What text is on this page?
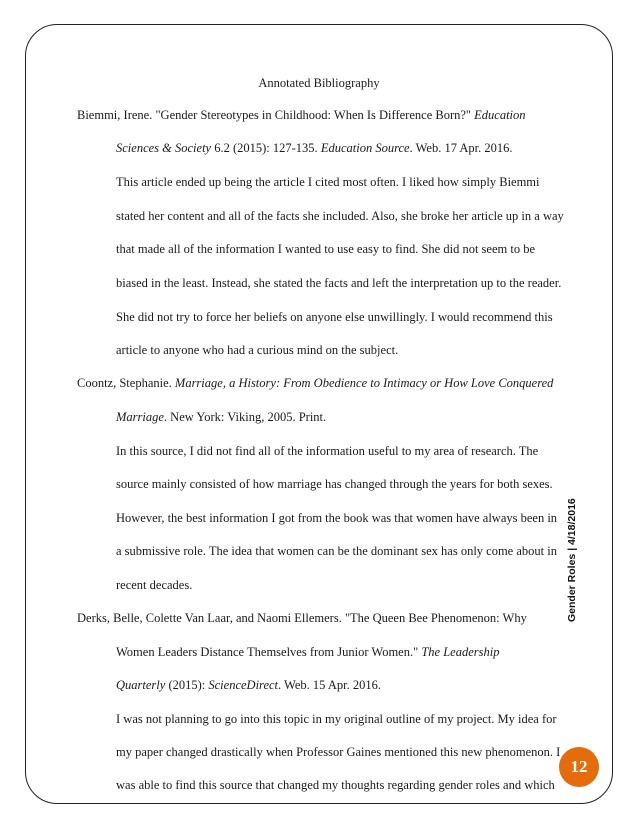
Annotated Bibliography
Biemmi, Irene. "Gender Stereotypes in Childhood: When Is Difference Born?" Education
Sciences & Society 6.2 (2015): 127-135. Education Source. Web. 17 Apr. 2016.
This article ended up being the article I cited most often. I liked how simply Biemmi
stated her content and all of the facts she included. Also, she broke her article up in a way
that made all of the information I wanted to use easy to find. She did not seem to be
biased in the least. Instead, she stated the facts and left the interpretation up to the reader.
She did not try to force her beliefs on anyone else unwillingly. I would recommend this
article to anyone who had a curious mind on the subject.
Coontz, Stephanie. Marriage, a History: From Obedience to Intimacy or How Love Conquered
Marriage. New York: Viking, 2005. Print.
In this source, I did not find all of the information useful to my area of research. The
source mainly consisted of how marriage has changed through the years for both sexes.
However, the best information I got from the book was that women have always been in
a submissive role. The idea that women can be the dominant sex has only come about in
recent decades.
Derks, Belle, Colette Van Laar, and Naomi Ellemers. "The Queen Bee Phenomenon: Why
Women Leaders Distance Themselves from Junior Women." The Leadership
Quarterly (2015): ScienceDirect. Web. 15 Apr. 2016.
I was not planning to go into this topic in my original outline of my project. My idea for
my paper changed drastically when Professor Gaines mentioned this new phenomenon. I
was able to find this source that changed my thoughts regarding gender roles and which
Gender Roles | 4/18/2016
12
